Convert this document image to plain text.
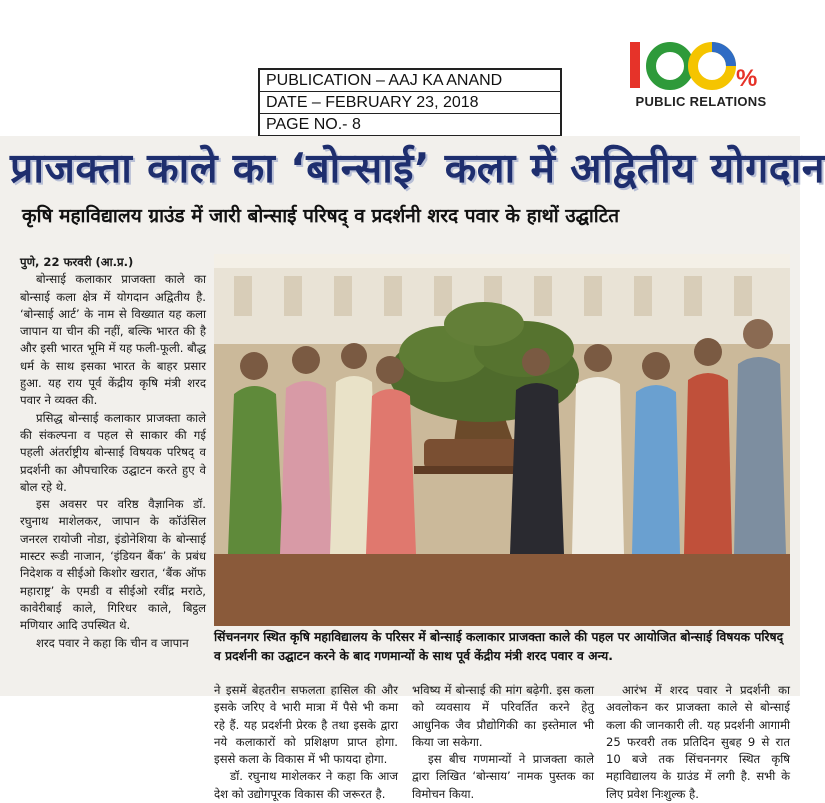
PUBLICATION – AAJ KA ANAND
DATE – FEBRUARY 23, 2018
PAGE NO.- 8
%
PUBLIC RELATIONS
प्राजक्ता काले का ‘बोन्साई’ कला में अद्वितीय योगदान
कृषि महाविद्यालय ग्राउंड में जारी बोन्साई परिषद् व प्रदर्शनी शरद पवार के हाथों उद्घाटित
पुणे, 22 फरवरी (आ.प्र.)

बोन्साई कलाकार प्राजक्ता काले का बोन्साई कला क्षेत्र में योगदान अद्वितीय है. ‘बोन्साई आर्ट’ के नाम से विख्यात यह कला जापान या चीन की नहीं, बल्कि भारत की है और इसी भारत भूमि में यह फली-फूली. बौद्ध धर्म के साथ इसका भारत के बाहर प्रसार हुआ. यह राय पूर्व केंद्रीय कृषि मंत्री शरद पवार ने व्यक्त की.

प्रसिद्ध बोन्साई कलाकार प्राजक्ता काले की संकल्पना व पहल से साकार की गई पहली अंतर्राष्ट्रीय बोन्साई विषयक परिषद् व प्रदर्शनी का औपचारिक उद्घाटन करते हुए वे बोल रहे थे.

इस अवसर पर वरिष्ठ वैज्ञानिक डॉ. रघुनाथ माशेलकर, जापान के कॉउंसिल जनरल रायोजी नोडा, इंडोनेशिया के बोन्साई मास्टर रूडी नाजान, ‘इंडियन बैंक’ के प्रबंध निदेशक व सीईओ किशोर खरात, ‘बैंक ऑफ महाराष्ट्र’ के एमडी व सीईओ रवींद्र मराठे, कावेरीबाई काले, गिरिधर काले, बिट्ठल मणियार आदि उपस्थित थे.

शरद पवार ने कहा कि चीन व जापान	सिंचननगर स्थित कृषि महाविद्यालय के परिसर में बोन्साई कलाकार प्राजक्ता काले की पहल पर आयोजित बोन्साई विषयक परिषद् व प्रदर्शनी का उद्घाटन करने के बाद गणमान्यों के साथ पूर्व केंद्रीय मंत्री शरद पवार व अन्य.

ने इसमें बेहतरीन सफलता हासिल की और इसके जरिए वे भारी मात्रा में पैसे भी कमा रहे हैं. यह प्रदर्शनी प्रेरक है तथा इसके द्वारा नये कलाकारों को प्रशिक्षण प्राप्त होगा. इससे कला के विकास में भी फायदा होगा.

डॉ. रघुनाथ माशेलकर ने कहा कि आज देश को उद्योगपूरक विकास की जरूरत है.

भविष्य में बोन्साई की मांग बढ़ेगी. इस कला को व्यवसाय में परिवर्तित करने हेतु आधुनिक जैव प्रौद्योगिकी का इस्तेमाल भी किया जा सकेगा.

इस बीच गणमान्यों ने प्राजक्ता काले द्वारा लिखित ‘बोन्साय’ नामक पुस्तक का विमोचन किया.

आरंभ में शरद पवार ने प्रदर्शनी का अवलोकन कर प्राजक्ता काले से बोन्साई कला की जानकारी ली. यह प्रदर्शनी आगामी 25 फरवरी तक प्रतिदिन सुबह 9 से रात 10 बजे तक सिंचननगर स्थित कृषि महाविद्यालय के ग्राउंड में लगी है. सभी के लिए प्रवेश निःशुल्क है.
